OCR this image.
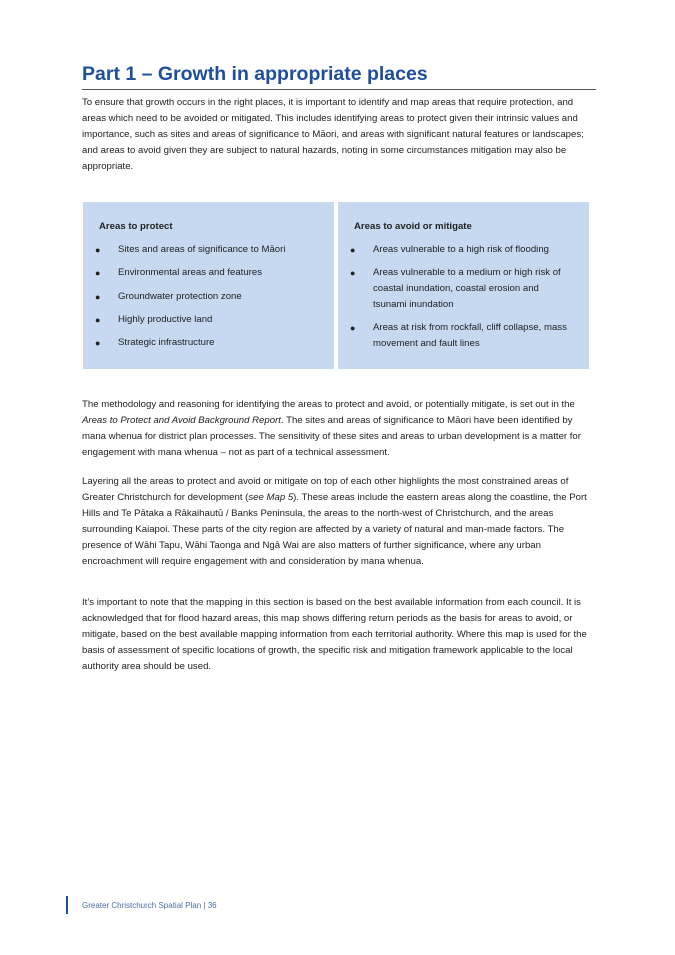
Part 1 – Growth in appropriate places

To ensure that growth occurs in the right places, it is important to identify and map areas that require protection, and areas which need to be avoided or mitigated. This includes identifying areas to protect given their intrinsic values and importance, such as sites and areas of significance to Māori, and areas with significant natural features or landscapes; and areas to avoid given they are subject to natural hazards, noting in some circumstances mitigation may also be appropriate.

Areas to protect
● Sites and areas of significance to Māori
● Environmental areas and features
● Groundwater protection zone
● Highly productive land
● Strategic infrastructure
Areas to avoid or mitigate
● Areas vulnerable to a high risk of flooding
● Areas vulnerable to a medium or high risk of coastal inundation, coastal erosion and tsunami inundation
● Areas at risk from rockfall, cliff collapse, mass movement and fault lines

The methodology and reasoning for identifying the areas to protect and avoid, or potentially mitigate, is set out in the Areas to Protect and Avoid Background Report. The sites and areas of significance to Māori have been identified by mana whenua for district plan processes. The sensitivity of these sites and areas to urban development is a matter for engagement with mana whenua – not as part of a technical assessment.

Layering all the areas to protect and avoid or mitigate on top of each other highlights the most constrained areas of Greater Christchurch for development (see Map 5). These areas include the eastern areas along the coastline, the Port Hills and Te Pātaka a Rākaihautū / Banks Peninsula, the areas to the north-west of Christchurch, and the areas surrounding Kaiapoi. These parts of the city region are affected by a variety of natural and man-made factors. The presence of Wāhi Tapu, Wāhi Taonga and Ngā Wai are also matters of further significance, where any urban encroachment will require engagement with and consideration by mana whenua.

It’s important to note that the mapping in this section is based on the best available information from each council. It is acknowledged that for flood hazard areas, this map shows differing return periods as the basis for areas to avoid, or mitigate, based on the best available mapping information from each territorial authority. Where this map is used for the basis of assessment of specific locations of growth, the specific risk and mitigation framework applicable to the local authority area should be used.

Greater Christchurch Spatial Plan | 36
